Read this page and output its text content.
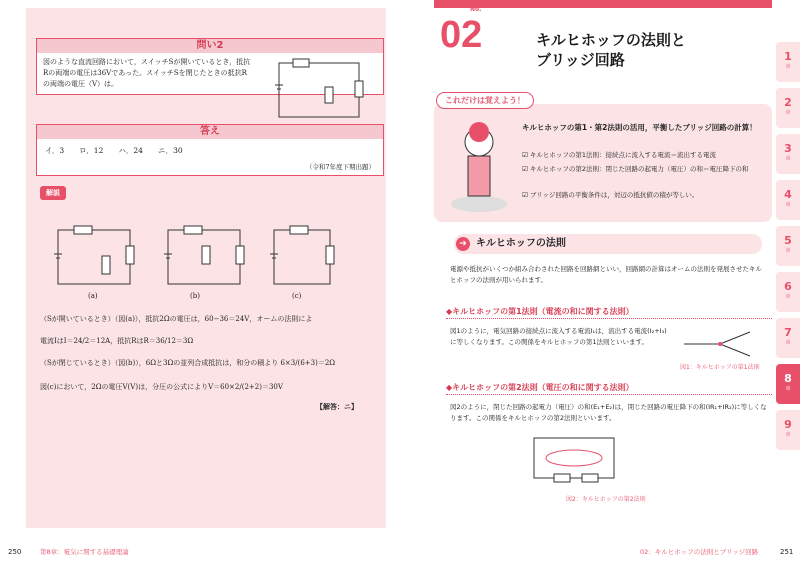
問い2
図のような直流回路において，スイッチSが開いているとき，抵抗Rの両端の電圧は36Vであった。スイッチSを閉じたときの抵抗Rの両端の電圧（V）は。
答え
イ．3　　ロ．12　　ハ．24　　ニ．30
（令和7年度下期出題）
解説
(a)	(b)	(c)
（Sが開いているとき）（図(a)），抵抗2Ωの電圧は，60−36＝24V，オームの法則によ
電流IはI＝24/2＝12A，抵抗RはR＝36/12＝3Ω
（Sが閉じているとき）（図(b)），6Ωと3Ωの並列合成抵抗は，和分の積より 6×3/(6+3)＝2Ω
図(c)において，2Ωの電圧V(V)は，分圧の公式によりV＝60×2/(2+2)＝30V
【解答：ニ】
250	第8章：電気に関する基礎理論
No.
02	キルヒホッフの法則と
ブリッジ回路
これだけは覚えよう！
キルヒホッフの第1・第2法則の活用，平衡したブリッジ回路の計算！
☑ キルヒホッフの第1法則：接続点に流入する電流＝流出する電流
☑ キルヒホッフの第2法則：閉じた回路の起電力（電圧）の和＝電圧降下の和
☑ ブリッジ回路の平衡条件は，対辺の抵抗値の積が等しい。
キルヒホッフの法則
➔
電源や抵抗がいくつか組み合わされた回路を回路網といい，回路網の計算はオームの法則を発展させたキルヒホッフの法則が用いられます。
◆キルヒホッフの第1法則（電流の和に関する法則）
図1のように，電気回路の接続点に流入する電流I₁は，流出する電流(I₂+I₃)に等しくなります。この関係をキルヒホッフの第1法則といいます。
図1：キルヒホッフの第1法則
◆キルヒホッフの第2法則（電圧の和に関する法則）
図2のように，閉じた回路の起電力（電圧）の和(E₁+E₂)は，閉じた回路の電圧降下の和(IR₁+IR₂)に等しくなります。この関係をキルヒホッフの第2法則といいます。
図2：キルヒホッフの第2法則
02：キルヒホッフの法則とブリッジ回路	251
1
章
2
章
3
章
4
章
5
章
6
章
7
章
8
章
9
章
